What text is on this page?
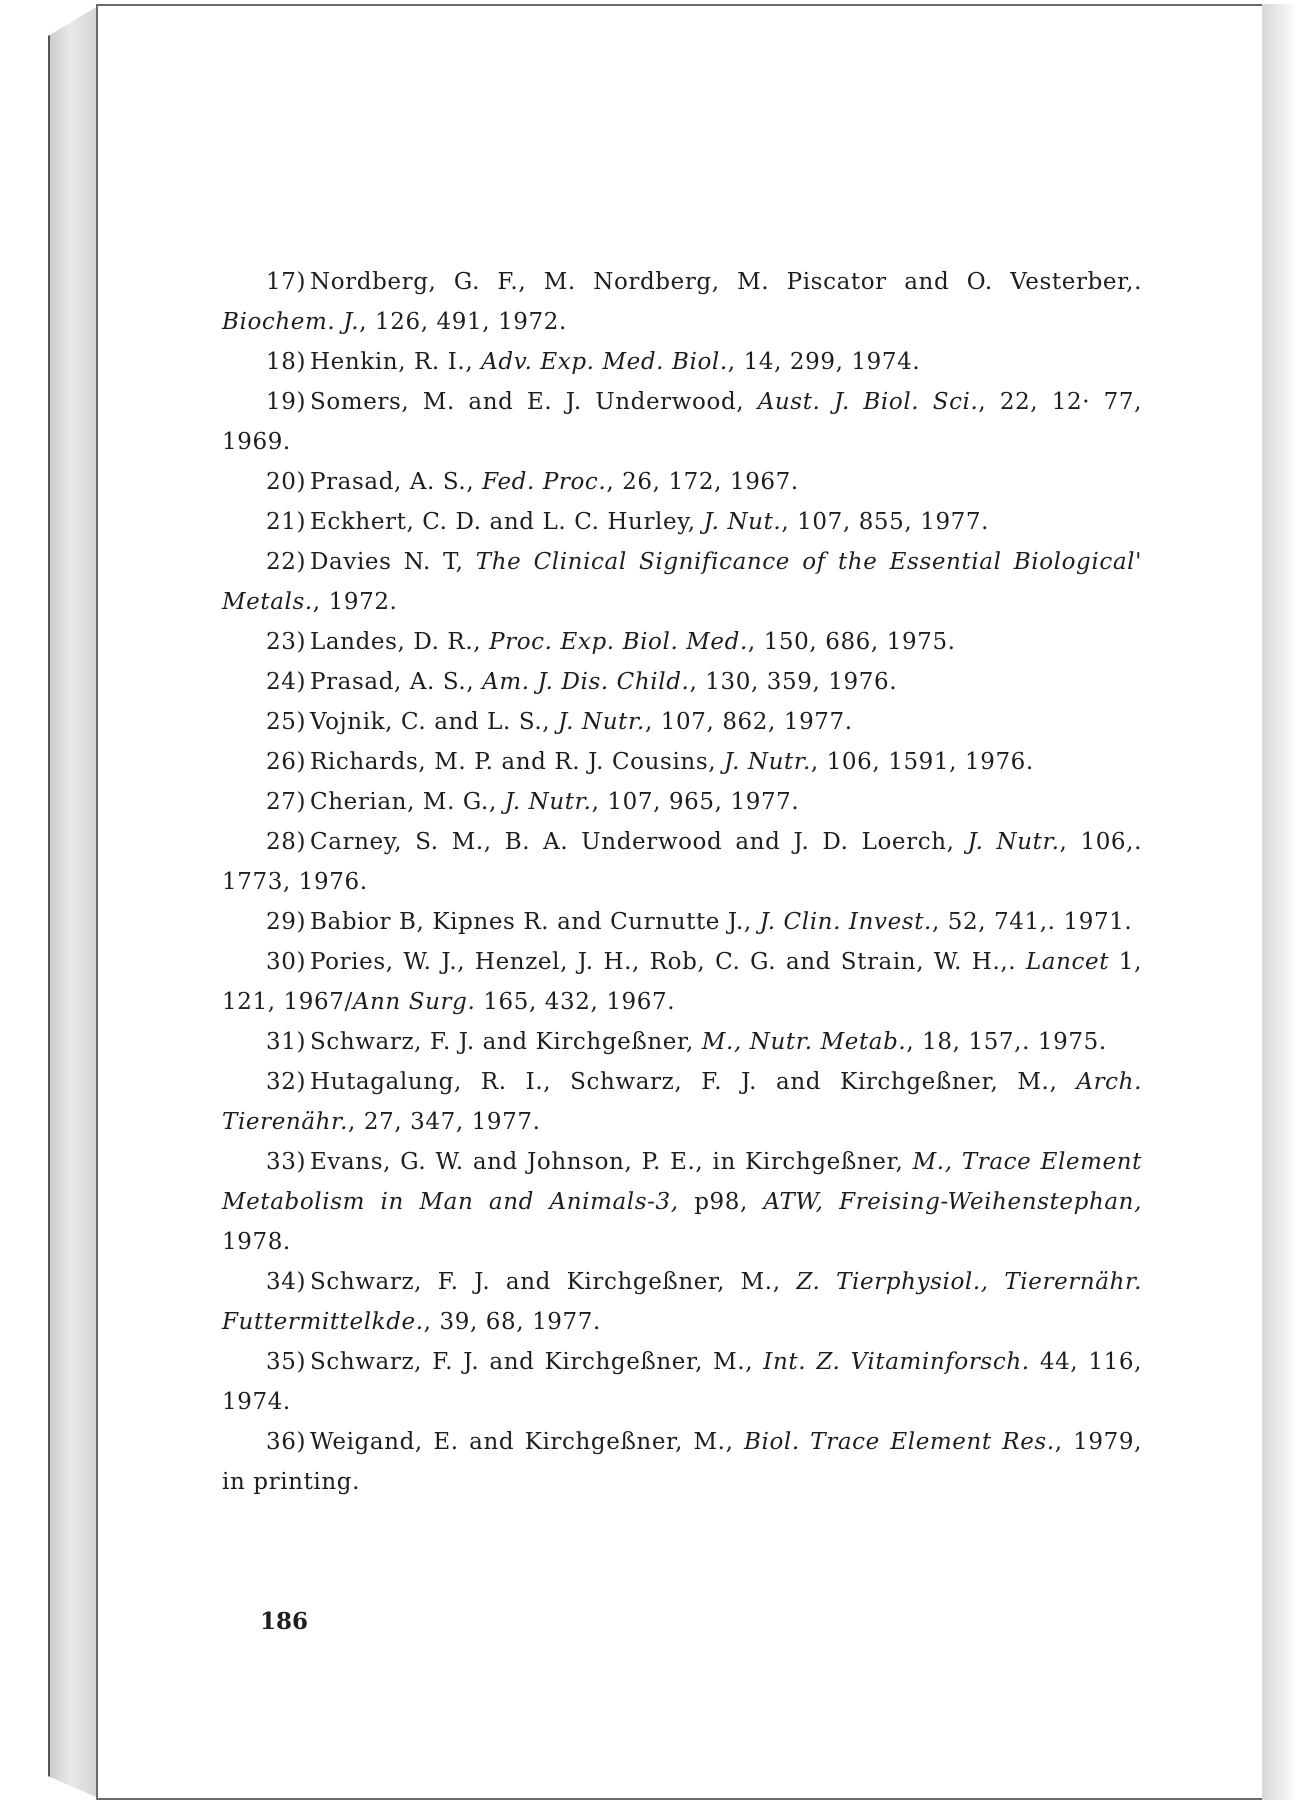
17) Nordberg, G. F., M. Nordberg, M. Piscator and O. Vesterber,. Biochem. J., 126, 491, 1972.
18) Henkin, R. I., Adv. Exp. Med. Biol., 14, 299, 1974.
19) Somers, M. and E. J. Underwood, Aust. J. Biol. Sci., 22, 12· 77, 1969.
20) Prasad, A. S., Fed. Proc., 26, 172, 1967.
21) Eckhert, C. D. and L. C. Hurley, J. Nut., 107, 855, 1977.
22) Davies N. T, The Clinical Significance of the Essential Biological' Metals., 1972.
23) Landes, D. R., Proc. Exp. Biol. Med., 150, 686, 1975.
24) Prasad, A. S., Am. J. Dis. Child., 130, 359, 1976.
25) Vojnik, C. and L. S., J. Nutr., 107, 862, 1977.
26) Richards, M. P. and R. J. Cousins, J. Nutr., 106, 1591, 1976.
27) Cherian, M. G., J. Nutr., 107, 965, 1977.
28) Carney, S. M., B. A. Underwood and J. D. Loerch, J. Nutr., 106,. 1773, 1976.
29) Babior B, Kipnes R. and Curnutte J., J. Clin. Invest., 52, 741,. 1971.
30) Pories, W. J., Henzel, J. H., Rob, C. G. and Strain, W. H.,. Lancet 1, 121, 1967/Ann Surg. 165, 432, 1967.
31) Schwarz, F. J. and Kirchgeßner, M., Nutr. Metab., 18, 157,. 1975.
32) Hutagalung, R. I., Schwarz, F. J. and Kirchgeßner, M., Arch. Tierenähr., 27, 347, 1977.
33) Evans, G. W. and Johnson, P. E., in Kirchgeßner, M., Trace Element Metabolism in Man and Animals-3, p98, ATW, Freising-Weihenstephan, 1978.
34) Schwarz, F. J. and Kirchgeßner, M., Z. Tierphysiol., Tierernähr. Futtermittelkde., 39, 68, 1977.
35) Schwarz, F. J. and Kirchgeßner, M., Int. Z. Vitaminforsch. 44, 116, 1974.
36) Weigand, E. and Kirchgeßner, M., Biol. Trace Element Res., 1979, in printing.
186
